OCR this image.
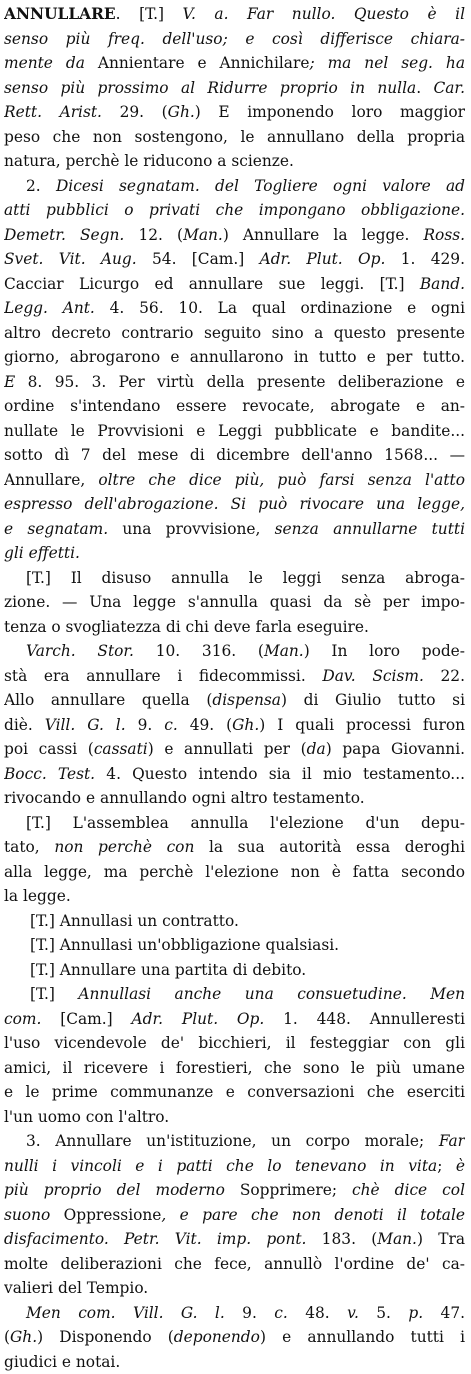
ANNULLARE. [T.] V. a. Far nullo. Questo è il
senso più freq. dell'uso; e così differisce chiara-
mente da Annientare e Annichilare; ma nel seg. ha
senso più prossimo al Ridurre proprio in nulla. Car.
Rett. Arist. 29. (Gh.) E imponendo loro maggior
peso che non sostengono, le annullano della propria
natura, perchè le riducono a scienze.
2. Dicesi segnatam. del Togliere ogni valore ad
atti pubblici o privati che impongano obbligazione.
Demetr. Segn. 12. (Man.) Annullare la legge. Ross.
Svet. Vit. Aug. 54. [Cam.] Adr. Plut. Op. 1. 429.
Cacciar Licurgo ed annullare sue leggi. [T.] Band.
Legg. Ant. 4. 56. 10. La qual ordinazione e ogni
altro decreto contrario seguito sino a questo presente
giorno, abrogarono e annullarono in tutto e per tutto.
E 8. 95. 3. Per virtù della presente deliberazione e
ordine s'intendano essere revocate, abrogate e an-
nullate le Provvisioni e Leggi pubblicate e bandite...
sotto dì 7 del mese di dicembre dell'anno 1568... —
Annullare, oltre che dice più, può farsi senza l'atto
espresso dell'abrogazione. Si può rivocare una legge,
e segnatam. una provvisione, senza annullarne tutti
gli effetti.
[T.] Il disuso annulla le leggi senza abroga-
zione. — Una legge s'annulla quasi da sè per impo-
tenza o svogliatezza di chi deve farla eseguire.
Varch. Stor. 10. 316. (Man.) In loro pode-
stà era annullare i fidecommissi. Dav. Scism. 22.
Allo annullare quella (dispensa) di Giulio tutto si
diè. Vill. G. l. 9. c. 49. (Gh.) I quali processi furon
poi cassi (cassati) e annullati per (da) papa Giovanni.
Bocc. Test. 4. Questo intendo sia il mio testamento...
rivocando e annullando ogni altro testamento.
[T.] L'assemblea annulla l'elezione d'un depu-
tato, non perchè con la sua autorità essa deroghi
alla legge, ma perchè l'elezione non è fatta secondo
la legge.
[T.] Annullasi un contratto.
[T.] Annullasi un'obbligazione qualsiasi.
[T.] Annullare una partita di debito.
[T.] Annullasi anche una consuetudine. Men
com. [Cam.] Adr. Plut. Op. 1. 448. Annulleresti
l'uso vicendevole de' bicchieri, il festeggiar con gli
amici, il ricevere i forestieri, che sono le più umane
e le prime communanze e conversazioni che eserciti
l'un uomo con l'altro.
3. Annullare un'istituzione, un corpo morale; Far
nulli i vincoli e i patti che lo tenevano in vita; è
più proprio del moderno Sopprimere; chè dice col
suono Oppressione, e pare che non denoti il totale
disfacimento. Petr. Vit. imp. pont. 183. (Man.) Tra
molte deliberazioni che fece, annullò l'ordine de' ca-
valieri del Tempio.
Men com. Vill. G. l. 9. c. 48. v. 5. p. 47.
(Gh.) Disponendo (deponendo) e annullando tutti i
giudici e notai.
